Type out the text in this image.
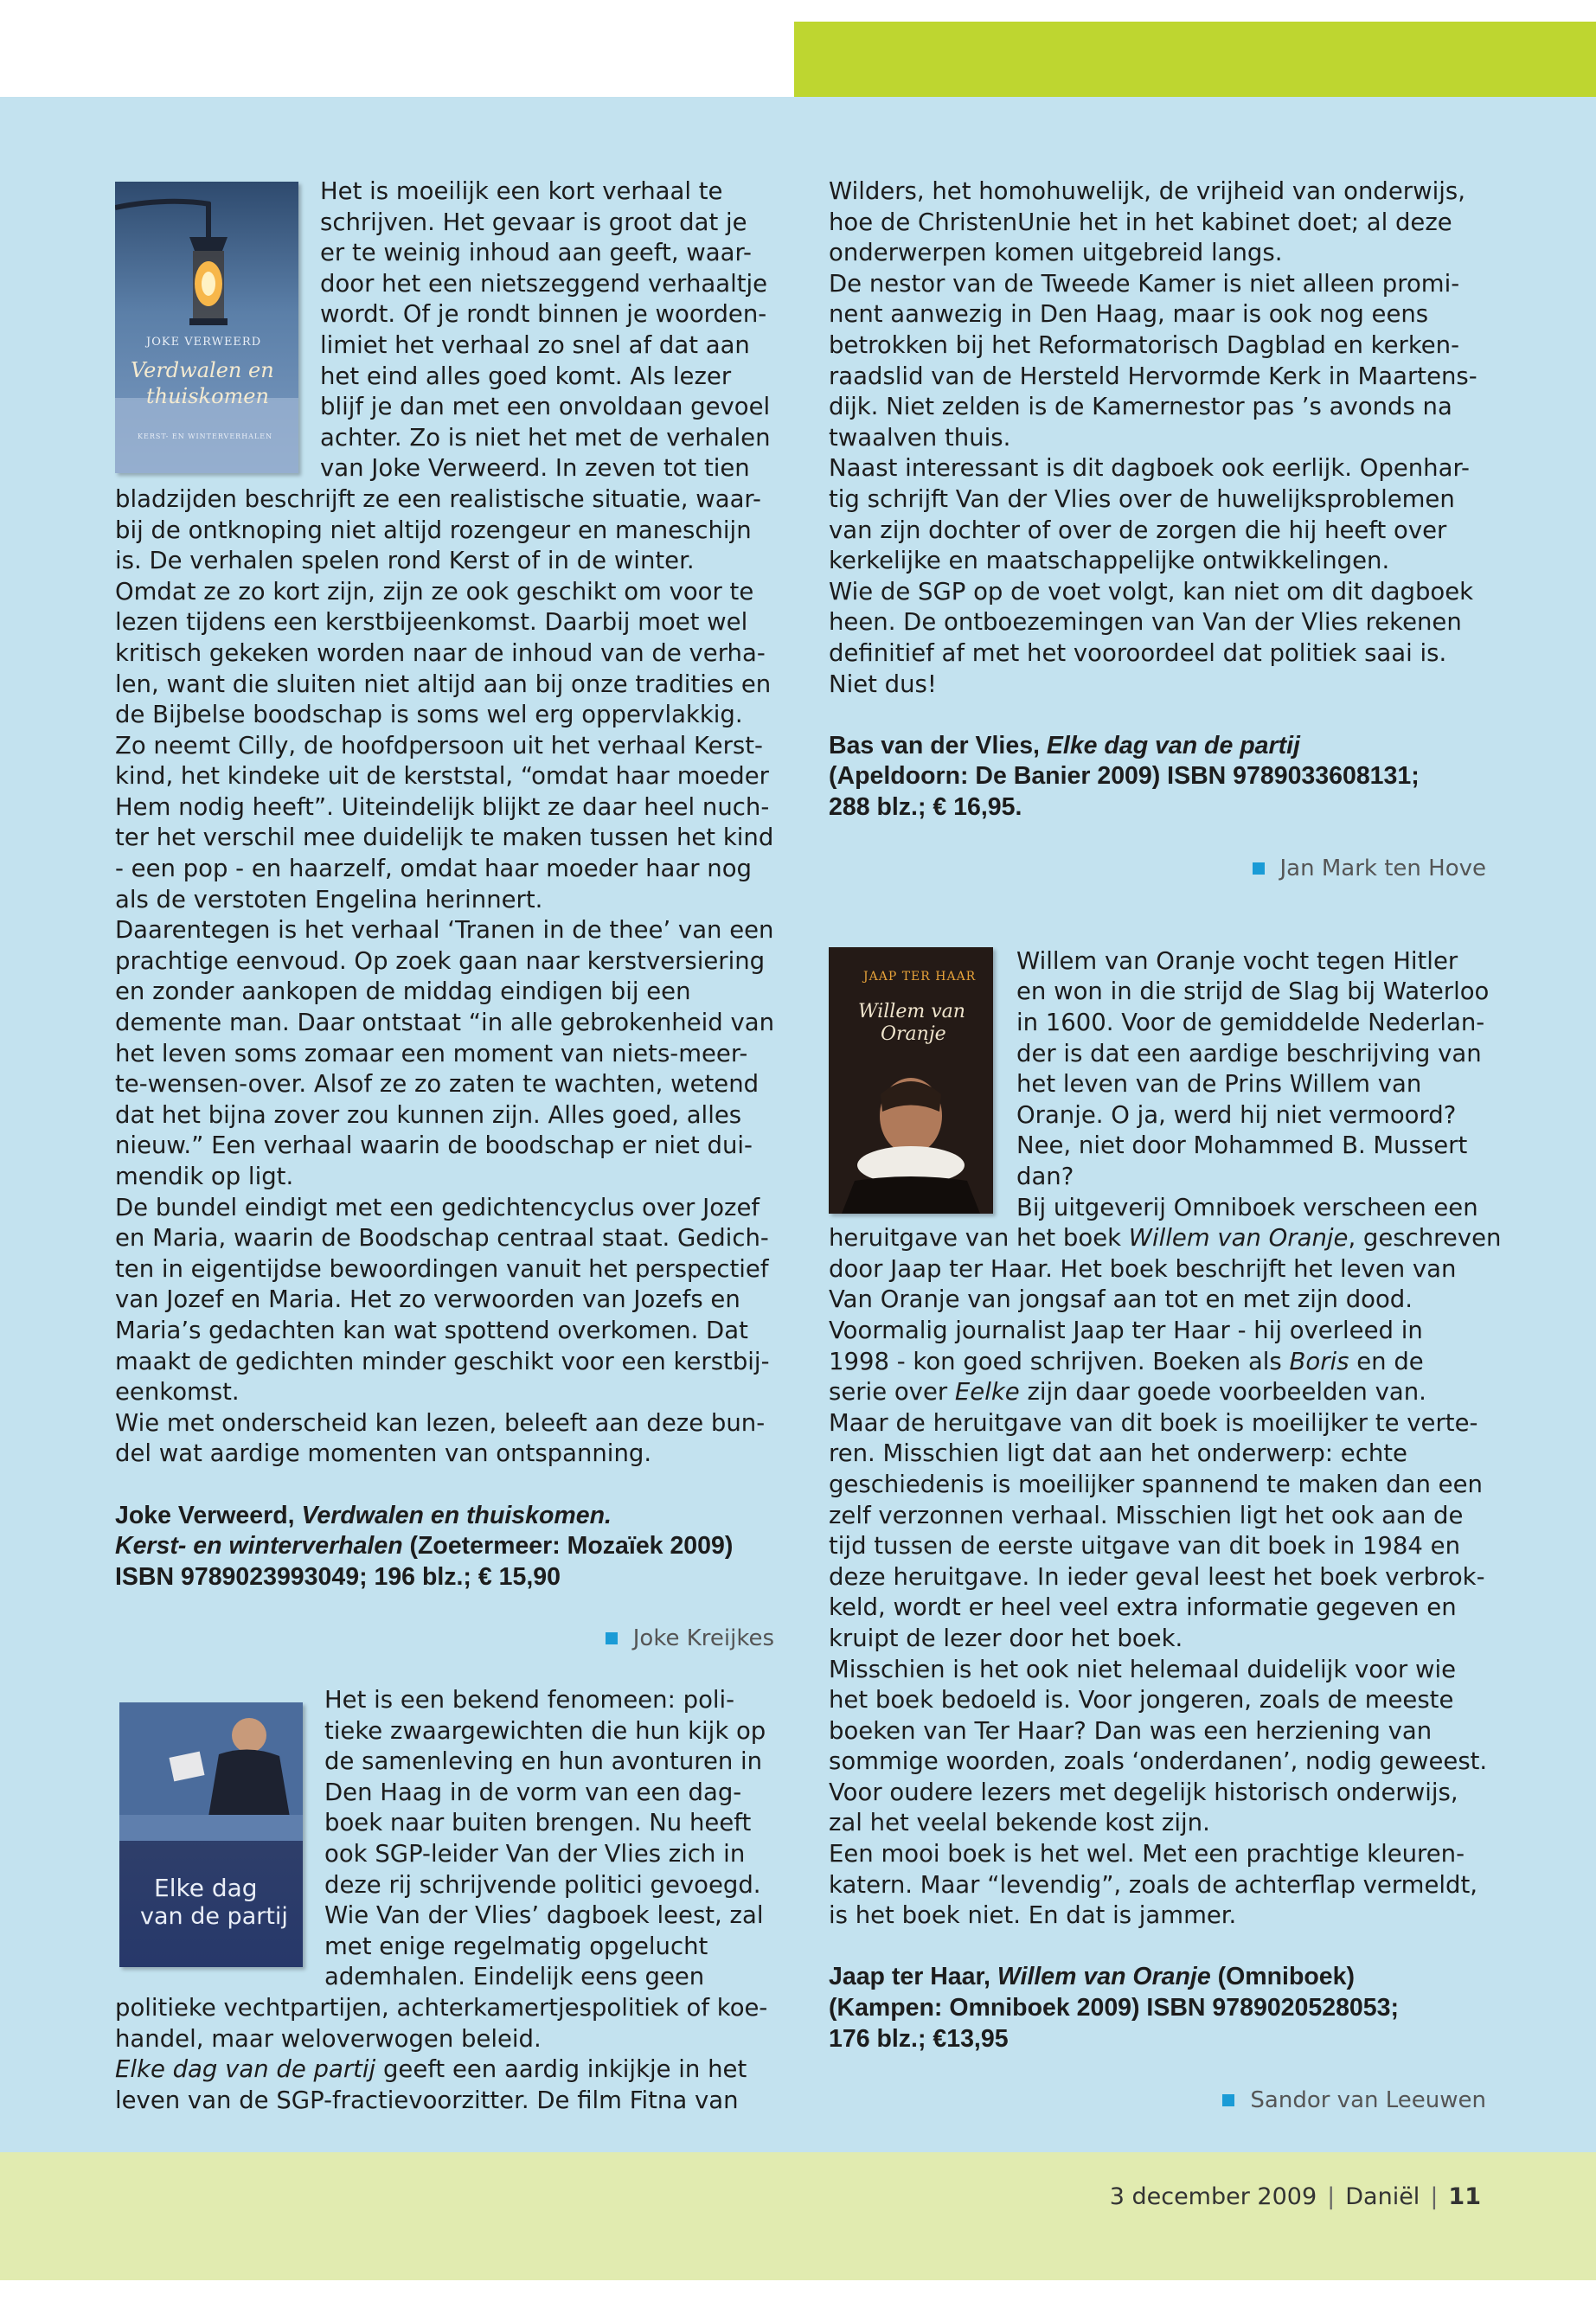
JOKE VERWEERD
Verdwalen en
thuiskomen
KERST- EN WINTERVERHALEN
Elke dag
van de partij
JAAP TER HAAR
Willem van
Oranje

Het is moeilijk een kort verhaal te
schrijven. Het gevaar is groot dat je
er te weinig inhoud aan geeft, waar-
door het een nietszeggend verhaaltje
wordt. Of je rondt binnen je woorden-
limiet het verhaal zo snel af dat aan
het eind alles goed komt. Als lezer
blijf je dan met een onvoldaan gevoel
achter. Zo is niet het met de verhalen
van Joke Verweerd. In zeven tot tien
bladzijden beschrijft ze een realistische situatie, waar-
bij de ontknoping niet altijd rozengeur en maneschijn
is. De verhalen spelen rond Kerst of in de winter.
Omdat ze zo kort zijn, zijn ze ook geschikt om voor te
lezen tijdens een kerstbijeenkomst. Daarbij moet wel
kritisch gekeken worden naar de inhoud van de verha-
len, want die sluiten niet altijd aan bij onze tradities en
de Bijbelse boodschap is soms wel erg oppervlakkig.
Zo neemt Cilly, de hoofdpersoon uit het verhaal Kerst-
kind, het kindeke uit de kerststal, “omdat haar moeder
Hem nodig heeft”. Uiteindelijk blijkt ze daar heel nuch-
ter het verschil mee duidelijk te maken tussen het kind
- een pop - en haarzelf, omdat haar moeder haar nog
als de verstoten Engelina herinnert.
Daarentegen is het verhaal ‘Tranen in de thee’ van een
prachtige eenvoud. Op zoek gaan naar kerstversiering
en zonder aankopen de middag eindigen bij een
demente man. Daar ontstaat “in alle gebrokenheid van
het leven soms zomaar een moment van niets-meer-
te-wensen-over. Alsof ze zo zaten te wachten, wetend
dat het bijna zover zou kunnen zijn. Alles goed, alles
nieuw.” Een verhaal waarin de boodschap er niet dui-
mendik op ligt.
De bundel eindigt met een gedichtencyclus over Jozef
en Maria, waarin de Boodschap centraal staat. Gedich-
ten in eigentijdse bewoordingen vanuit het perspectief
van Jozef en Maria. Het zo verwoorden van Jozefs en
Maria’s gedachten kan wat spottend overkomen. Dat
maakt de gedichten minder geschikt voor een kerstbij-
eenkomst.
Wie met onderscheid kan lezen, beleeft aan deze bun-
del wat aardige momenten van ontspanning.

Joke Verweerd, Verdwalen en thuiskomen.
Kerst- en winterverhalen (Zoetermeer: Mozaïek 2009)
ISBN 9789023993049; 196 blz.; € 15,90

Joke Kreijkes

Het is een bekend fenomeen: poli-
tieke zwaargewichten die hun kijk op
de samenleving en hun avonturen in
Den Haag in de vorm van een dag-
boek naar buiten brengen. Nu heeft
ook SGP-leider Van der Vlies zich in
deze rij schrijvende politici gevoegd.
Wie Van der Vlies’ dagboek leest, zal
met enige regelmatig opgelucht
ademhalen. Eindelijk eens geen
politieke vechtpartijen, achterkamertjespolitiek of koe-
handel, maar weloverwogen beleid.
Elke dag van de partij geeft een aardig inkijkje in het
leven van de SGP-fractievoorzitter. De film Fitna van

Wilders, het homohuwelijk, de vrijheid van onderwijs,
hoe de ChristenUnie het in het kabinet doet; al deze
onderwerpen komen uitgebreid langs.
De nestor van de Tweede Kamer is niet alleen promi-
nent aanwezig in Den Haag, maar is ook nog eens
betrokken bij het Reformatorisch Dagblad en kerken-
raadslid van de Hersteld Hervormde Kerk in Maartens-
dijk. Niet zelden is de Kamernestor pas ’s avonds na
twaalven thuis.
Naast interessant is dit dagboek ook eerlijk. Openhar-
tig schrijft Van der Vlies over de huwelijksproblemen
van zijn dochter of over de zorgen die hij heeft over
kerkelijke en maatschappelijke ontwikkelingen.
Wie de SGP op de voet volgt, kan niet om dit dagboek
heen. De ontboezemingen van Van der Vlies rekenen
definitief af met het vooroordeel dat politiek saai is.
Niet dus!

Bas van der Vlies, Elke dag van de partij
(Apeldoorn: De Banier 2009) ISBN 9789033608131;
288 blz.; € 16,95.

Jan Mark ten Hove

Willem van Oranje vocht tegen Hitler
en won in die strijd de Slag bij Waterloo
in 1600. Voor de gemiddelde Nederlan-
der is dat een aardige beschrijving van
het leven van de Prins Willem van
Oranje. O ja, werd hij niet vermoord?
Nee, niet door Mohammed B. Mussert
dan?
Bij uitgeverij Omniboek verscheen een
heruitgave van het boek Willem van Oranje, geschreven
door Jaap ter Haar. Het boek beschrijft het leven van
Van Oranje van jongsaf aan tot en met zijn dood.
Voormalig journalist Jaap ter Haar - hij overleed in
1998 - kon goed schrijven. Boeken als Boris en de
serie over Eelke zijn daar goede voorbeelden van.
Maar de heruitgave van dit boek is moeilijker te verte-
ren. Misschien ligt dat aan het onderwerp: echte
geschiedenis is moeilijker spannend te maken dan een
zelf verzonnen verhaal. Misschien ligt het ook aan de
tijd tussen de eerste uitgave van dit boek in 1984 en
deze heruitgave. In ieder geval leest het boek verbrok-
keld, wordt er heel veel extra informatie gegeven en
kruipt de lezer door het boek.
Misschien is het ook niet helemaal duidelijk voor wie
het boek bedoeld is. Voor jongeren, zoals de meeste
boeken van Ter Haar? Dan was een herziening van
sommige woorden, zoals ‘onderdanen’, nodig geweest.
Voor oudere lezers met degelijk historisch onderwijs,
zal het veelal bekende kost zijn.
Een mooi boek is het wel. Met een prachtige kleuren-
katern. Maar “levendig”, zoals de achterflap vermeldt,
is het boek niet. En dat is jammer.

Jaap ter Haar, Willem van Oranje (Omniboek)
(Kampen: Omniboek 2009) ISBN 9789020528053;
176 blz.; €13,95

Sandor van Leeuwen
3 december 2009 | Daniël | 11
